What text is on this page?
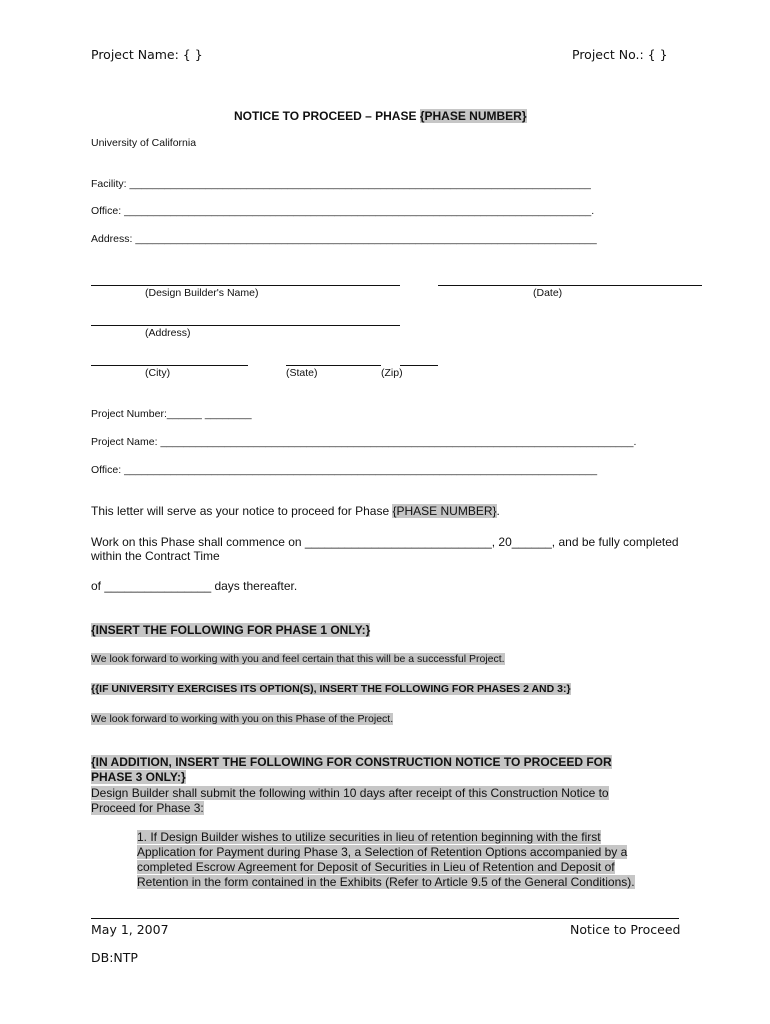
Project Name: { }	Project No.: { }
NOTICE TO PROCEED – PHASE {PHASE NUMBER}
University of California
Facility: _______________________________________________________________________________
Office: ________________________________________________________________________________.
Address: _______________________________________________________________________________
(Design Builder's Name)	(Date)
(Address)
(City)	(State)	(Zip)
Project Number:______ ________
Project Name: _________________________________________________________________________________.
Office: _________________________________________________________________________________
This letter will serve as your notice to proceed for Phase {PHASE NUMBER}.
Work on this Phase shall commence on ____________________________, 20______, and be fully completed
within the Contract Time
of ________________ days thereafter.
{INSERT THE FOLLOWING FOR PHASE 1 ONLY:}
We look forward to working with you and feel certain that this will be a successful Project.
{{IF UNIVERSITY EXERCISES ITS OPTION(S), INSERT THE FOLLOWING FOR PHASES 2 AND 3:}
We look forward to working with you on this Phase of the Project.
{IN ADDITION, INSERT THE FOLLOWING FOR CONSTRUCTION NOTICE TO PROCEED FOR
PHASE 3 ONLY:}
Design Builder shall submit the following within 10 days after receipt of this Construction Notice to
Proceed for Phase 3:
1. If Design Builder wishes to utilize securities in lieu of retention beginning with the first
Application for Payment during Phase 3, a Selection of Retention Options accompanied by a
completed Escrow Agreement for Deposit of Securities in Lieu of Retention and Deposit of
Retention in the form contained in the Exhibits (Refer to Article 9.5 of the General Conditions).
May 1, 2007	Notice to Proceed
DB:NTP
